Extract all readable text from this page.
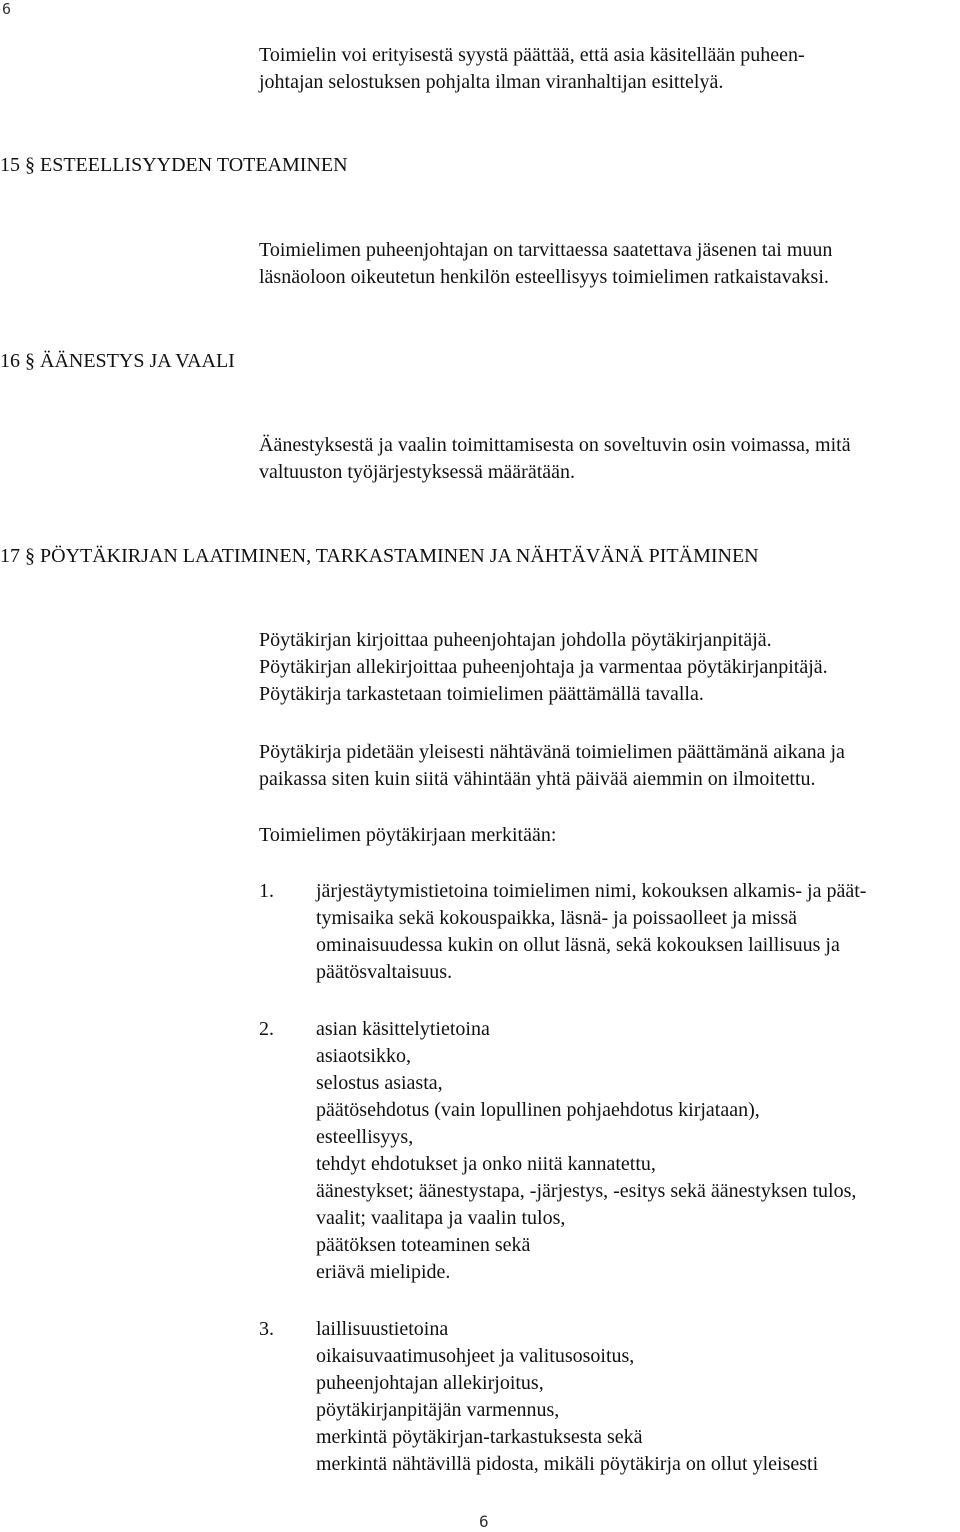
6
Toimielin voi erityisestä syystä päättää, että asia käsitellään puheen-
johtajan selostuksen pohjalta ilman viranhaltijan esittelyä.
15 § ESTEELLISYYDEN TOTEAMINEN
Toimielimen puheenjohtajan on tarvittaessa saatettava jäsenen tai muun
läsnäoloon oikeutetun henkilön esteellisyys toimielimen ratkaistavaksi.
16 § ÄÄNESTYS JA VAALI
Äänestyksestä ja vaalin toimittamisesta on soveltuvin osin voimassa, mitä
valtuuston työjärjestyksessä määrätään.
17 § PÖYTÄKIRJAN LAATIMINEN, TARKASTAMINEN JA NÄHTÄVÄNÄ PITÄMINEN
Pöytäkirjan kirjoittaa puheenjohtajan johdolla pöytäkirjanpitäjä.
Pöytäkirjan allekirjoittaa puheenjohtaja ja varmentaa pöytäkirjanpitäjä.
Pöytäkirja tarkastetaan toimielimen päättämällä tavalla.
Pöytäkirja pidetään yleisesti nähtävänä toimielimen päättämänä aikana ja
paikassa siten kuin siitä vähintään yhtä päivää aiemmin on ilmoitettu.
Toimielimen pöytäkirjaan merkitään:
1. järjestäytymistietoina toimielimen nimi, kokouksen alkamis- ja päät-
tymisaika sekä kokouspaikka, läsnä- ja poissaolleet ja missä
ominaisuudessa kukin on ollut läsnä, sekä kokouksen laillisuus ja
päätösvaltaisuus.
2. asian käsittelytietoina
asiaotsikko,
selostus asiasta,
päätösehdotus (vain lopullinen pohjaehdotus kirjataan),
esteellisyys,
tehdyt ehdotukset ja onko niitä kannatettu,
äänestykset; äänestystapa, -järjestys, -esitys sekä äänestyksen tulos,
vaalit; vaalitapa ja vaalin tulos,
päätöksen toteaminen sekä
eriävä mielipide.
3. laillisuustietoina
oikaisuvaatimusohjeet ja valitusosoitus,
puheenjohtajan allekirjoitus,
pöytäkirjanpitäjän varmennus,
merkintä pöytäkirjan-tarkastuksesta sekä
merkintä nähtävillä pidosta, mikäli pöytäkirja on ollut yleisesti
6
